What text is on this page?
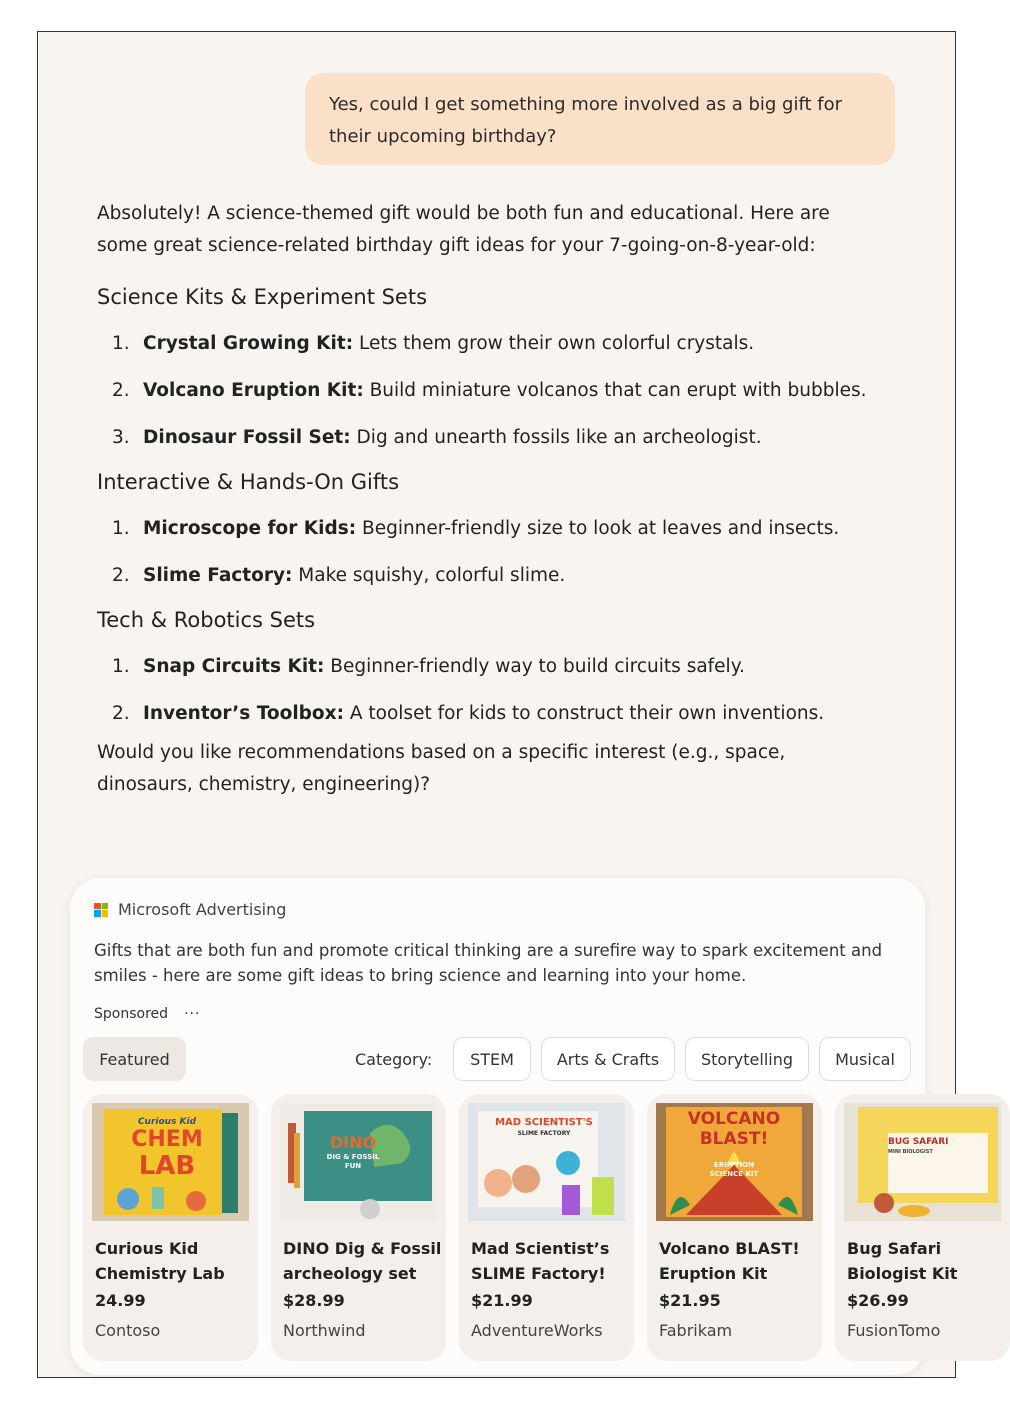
Yes, could I get something more involved as a big gift for
their upcoming birthday?

Absolutely! A science-themed gift would be both fun and educational. Here are
some great science-related birthday gift ideas for your 7-going-on-8-year-old:

Science Kits & Experiment Sets
1. Crystal Growing Kit: Lets them grow their own colorful crystals.
2. Volcano Eruption Kit: Build miniature volcanos that can erupt with bubbles.
3. Dinosaur Fossil Set: Dig and unearth fossils like an archeologist.
Interactive & Hands-On Gifts
1. Microscope for Kids: Beginner-friendly size to look at leaves and insects.
2. Slime Factory: Make squishy, colorful slime.
Tech & Robotics Sets
1. Snap Circuits Kit: Beginner-friendly way to build circuits safely.
2. Inventor’s Toolbox: A toolset for kids to construct their own inventions.

Would you like recommendations based on a specific interest (e.g., space,
dinosaurs, chemistry, engineering)?

Microsoft Advertising
Gifts that are both fun and promote critical thinking are a surefire way to spark excitement and
smiles - here are some gift ideas to bring science and learning into your home.
Sponsored ···
Featured	Category:	STEM	Arts & Crafts	Storytelling	Musical
Curious Kid
CHEM
LAB
Curious Kid
Chemistry Lab
24.99
Contoso
DINO
DIG & FOSSIL
FUN
DINO Dig & Fossil
archeology set
$28.99
Northwind
MAD SCIENTIST'S
SLIME FACTORY
Mad Scientist’s
SLIME Factory!
$21.99
AdventureWorks
VOLCANO
BLAST!
ERUPTION
SCIENCE KIT
Volcano BLAST!
Eruption Kit
$21.95
Fabrikam
BUG SAFARI
MINI BIOLOGIST
Bug Safari
Biologist Kit
$26.99
FusionTomo
